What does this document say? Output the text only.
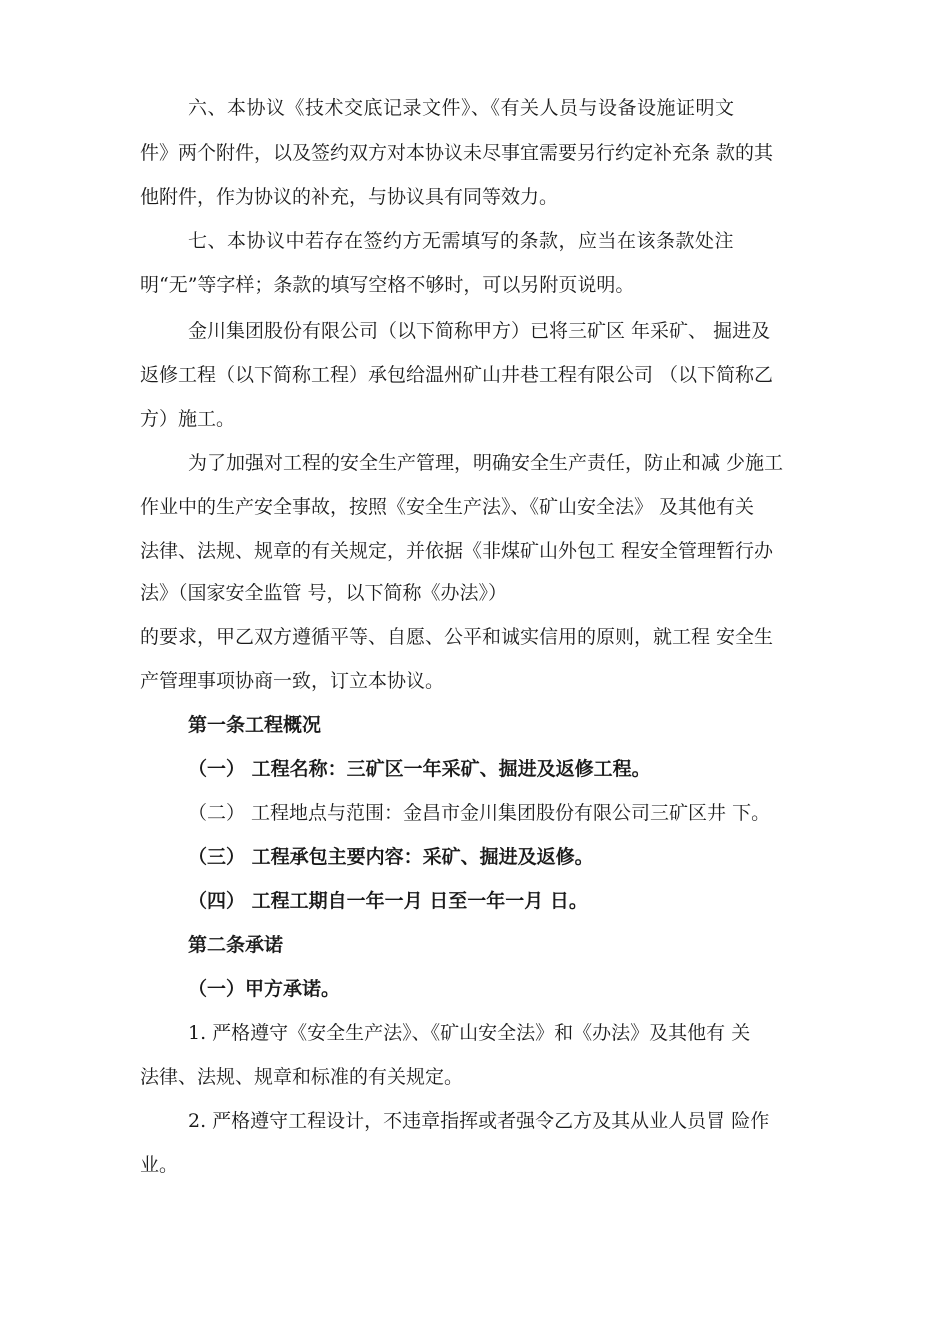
六、本协议《技术交底记录文件》、《有关人员与设备设施证明文
件》两个附件，以及签约双方对本协议未尽事宜需要另行约定补充条 款的其
他附件，作为协议的补充，与协议具有同等效力。
七、本协议中若存在签约方无需填写的条款，应当在该条款处注
明“无”等字样；条款的填写空格不够时，可以另附页说明。
金川集团股份有限公司（以下简称甲方）已将三矿区 年采矿、 掘进及
返修工程（以下简称工程）承包给温州矿山井巷工程有限公司 （以下简称乙
方）施工。
为了加强对工程的安全生产管理，明确安全生产责任，防止和减 少施工
作业中的生产安全事故，按照《安全生产法》、《矿山安全法》 及其他有关
法律、法规、规章的有关规定，并依据《非煤矿山外包工 程安全管理暂行办
法》（国家安全监管 号，以下简称《办法》）
的要求，甲乙双方遵循平等、自愿、公平和诚实信用的原则，就工程 安全生
产管理事项协商一致，订立本协议。
第一条工程概况
（一） 工程名称：三矿区一年采矿、掘进及返修工程。
（二） 工程地点与范围：金昌市金川集团股份有限公司三矿区井 下。
（三） 工程承包主要内容：采矿、掘进及返修。
（四） 工程工期自一年一月 日至一年一月 日。
第二条承诺
（一）甲方承诺。
1. 严格遵守《安全生产法》、《矿山安全法》和《办法》及其他有 关
法律、法规、规章和标准的有关规定。
2. 严格遵守工程设计，不违章指挥或者强令乙方及其从业人员冒 险作
业。
